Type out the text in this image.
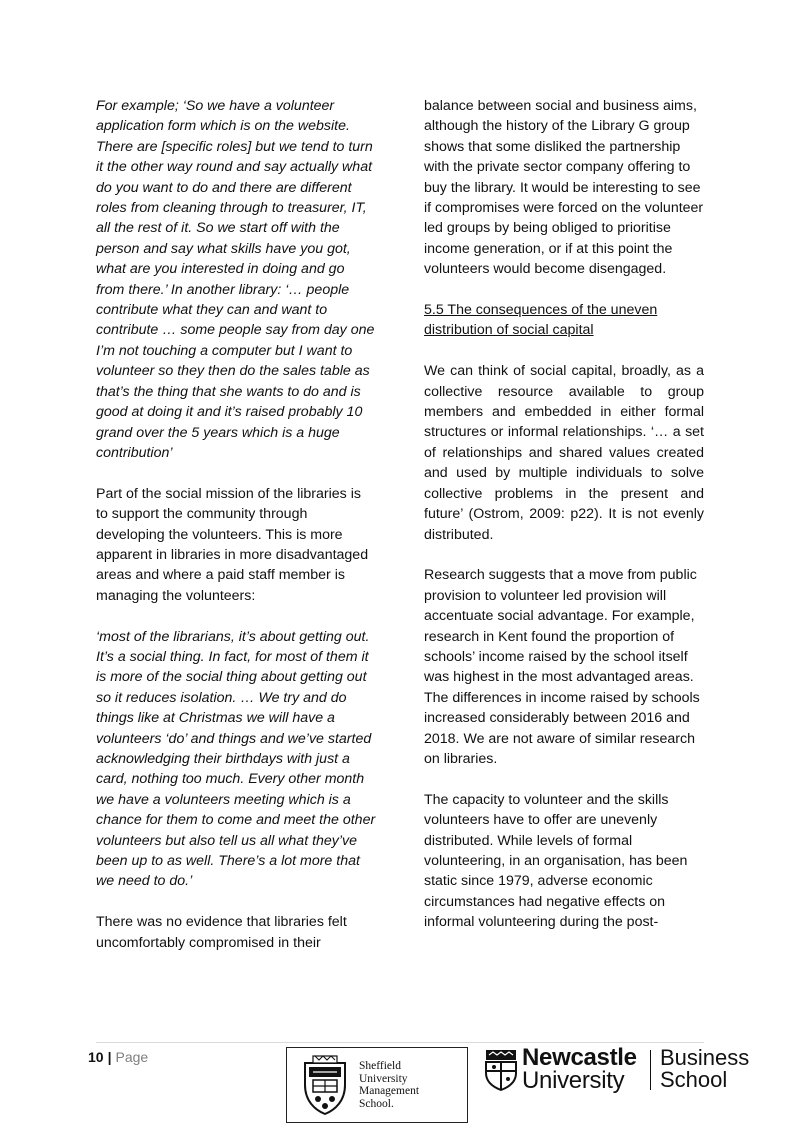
For example; ‘So we have a volunteer application form which is on the website. There are [specific roles] but we tend to turn it the other way round and say actually what do you want to do and there are different roles from cleaning through to treasurer, IT, all the rest of it. So we start off with the person and say what skills have you got, what are you interested in doing and go from there.’ In another library: ‘… people contribute what they can and want to contribute … some people say from day one I’m not touching a computer but I want to volunteer so they then do the sales table as that’s the thing that she wants to do and is good at doing it and it’s raised probably 10 grand over the 5 years which is a huge contribution’

Part of the social mission of the libraries is to support the community through developing the volunteers. This is more apparent in libraries in more disadvantaged areas and where a paid staff member is managing the volunteers:

‘most of the librarians, it’s about getting out. It’s a social thing. In fact, for most of them it is more of the social thing about getting out so it reduces isolation. … We try and do things like at Christmas we will have a volunteers ‘do’ and things and we’ve started acknowledging their birthdays with just a card, nothing too much. Every other month we have a volunteers meeting which is a chance for them to come and meet the other volunteers but also tell us all what they’ve been up to as well. There’s a lot more that we need to do.’

There was no evidence that libraries felt uncomfortably compromised in their

balance between social and business aims, although the history of the Library G group shows that some disliked the partnership with the private sector company offering to buy the library. It would be interesting to see if compromises were forced on the volunteer led groups by being obliged to prioritise income generation, or if at this point the volunteers would become disengaged.

5.5 The consequences of the uneven distribution of social capital

We can think of social capital, broadly, as a collective resource available to group members and embedded in either formal structures or informal relationships. ‘… a set of relationships and shared values created and used by multiple individuals to solve collective problems in the present and future’ (Ostrom, 2009: p22). It is not evenly distributed.

Research suggests that a move from public provision to volunteer led provision will accentuate social advantage. For example, research in Kent found the proportion of schools’ income raised by the school itself was highest in the most advantaged areas. The differences in income raised by schools increased considerably between 2016 and 2018. We are not aware of similar research on libraries.

The capacity to volunteer and the skills volunteers have to offer are unevenly distributed. While levels of formal volunteering, in an organisation, has been static since 1979, adverse economic circumstances had negative effects on informal volunteering during the post-

10 | Page
Sheffield
University
Management
School.
Newcastle
University
Business
School
